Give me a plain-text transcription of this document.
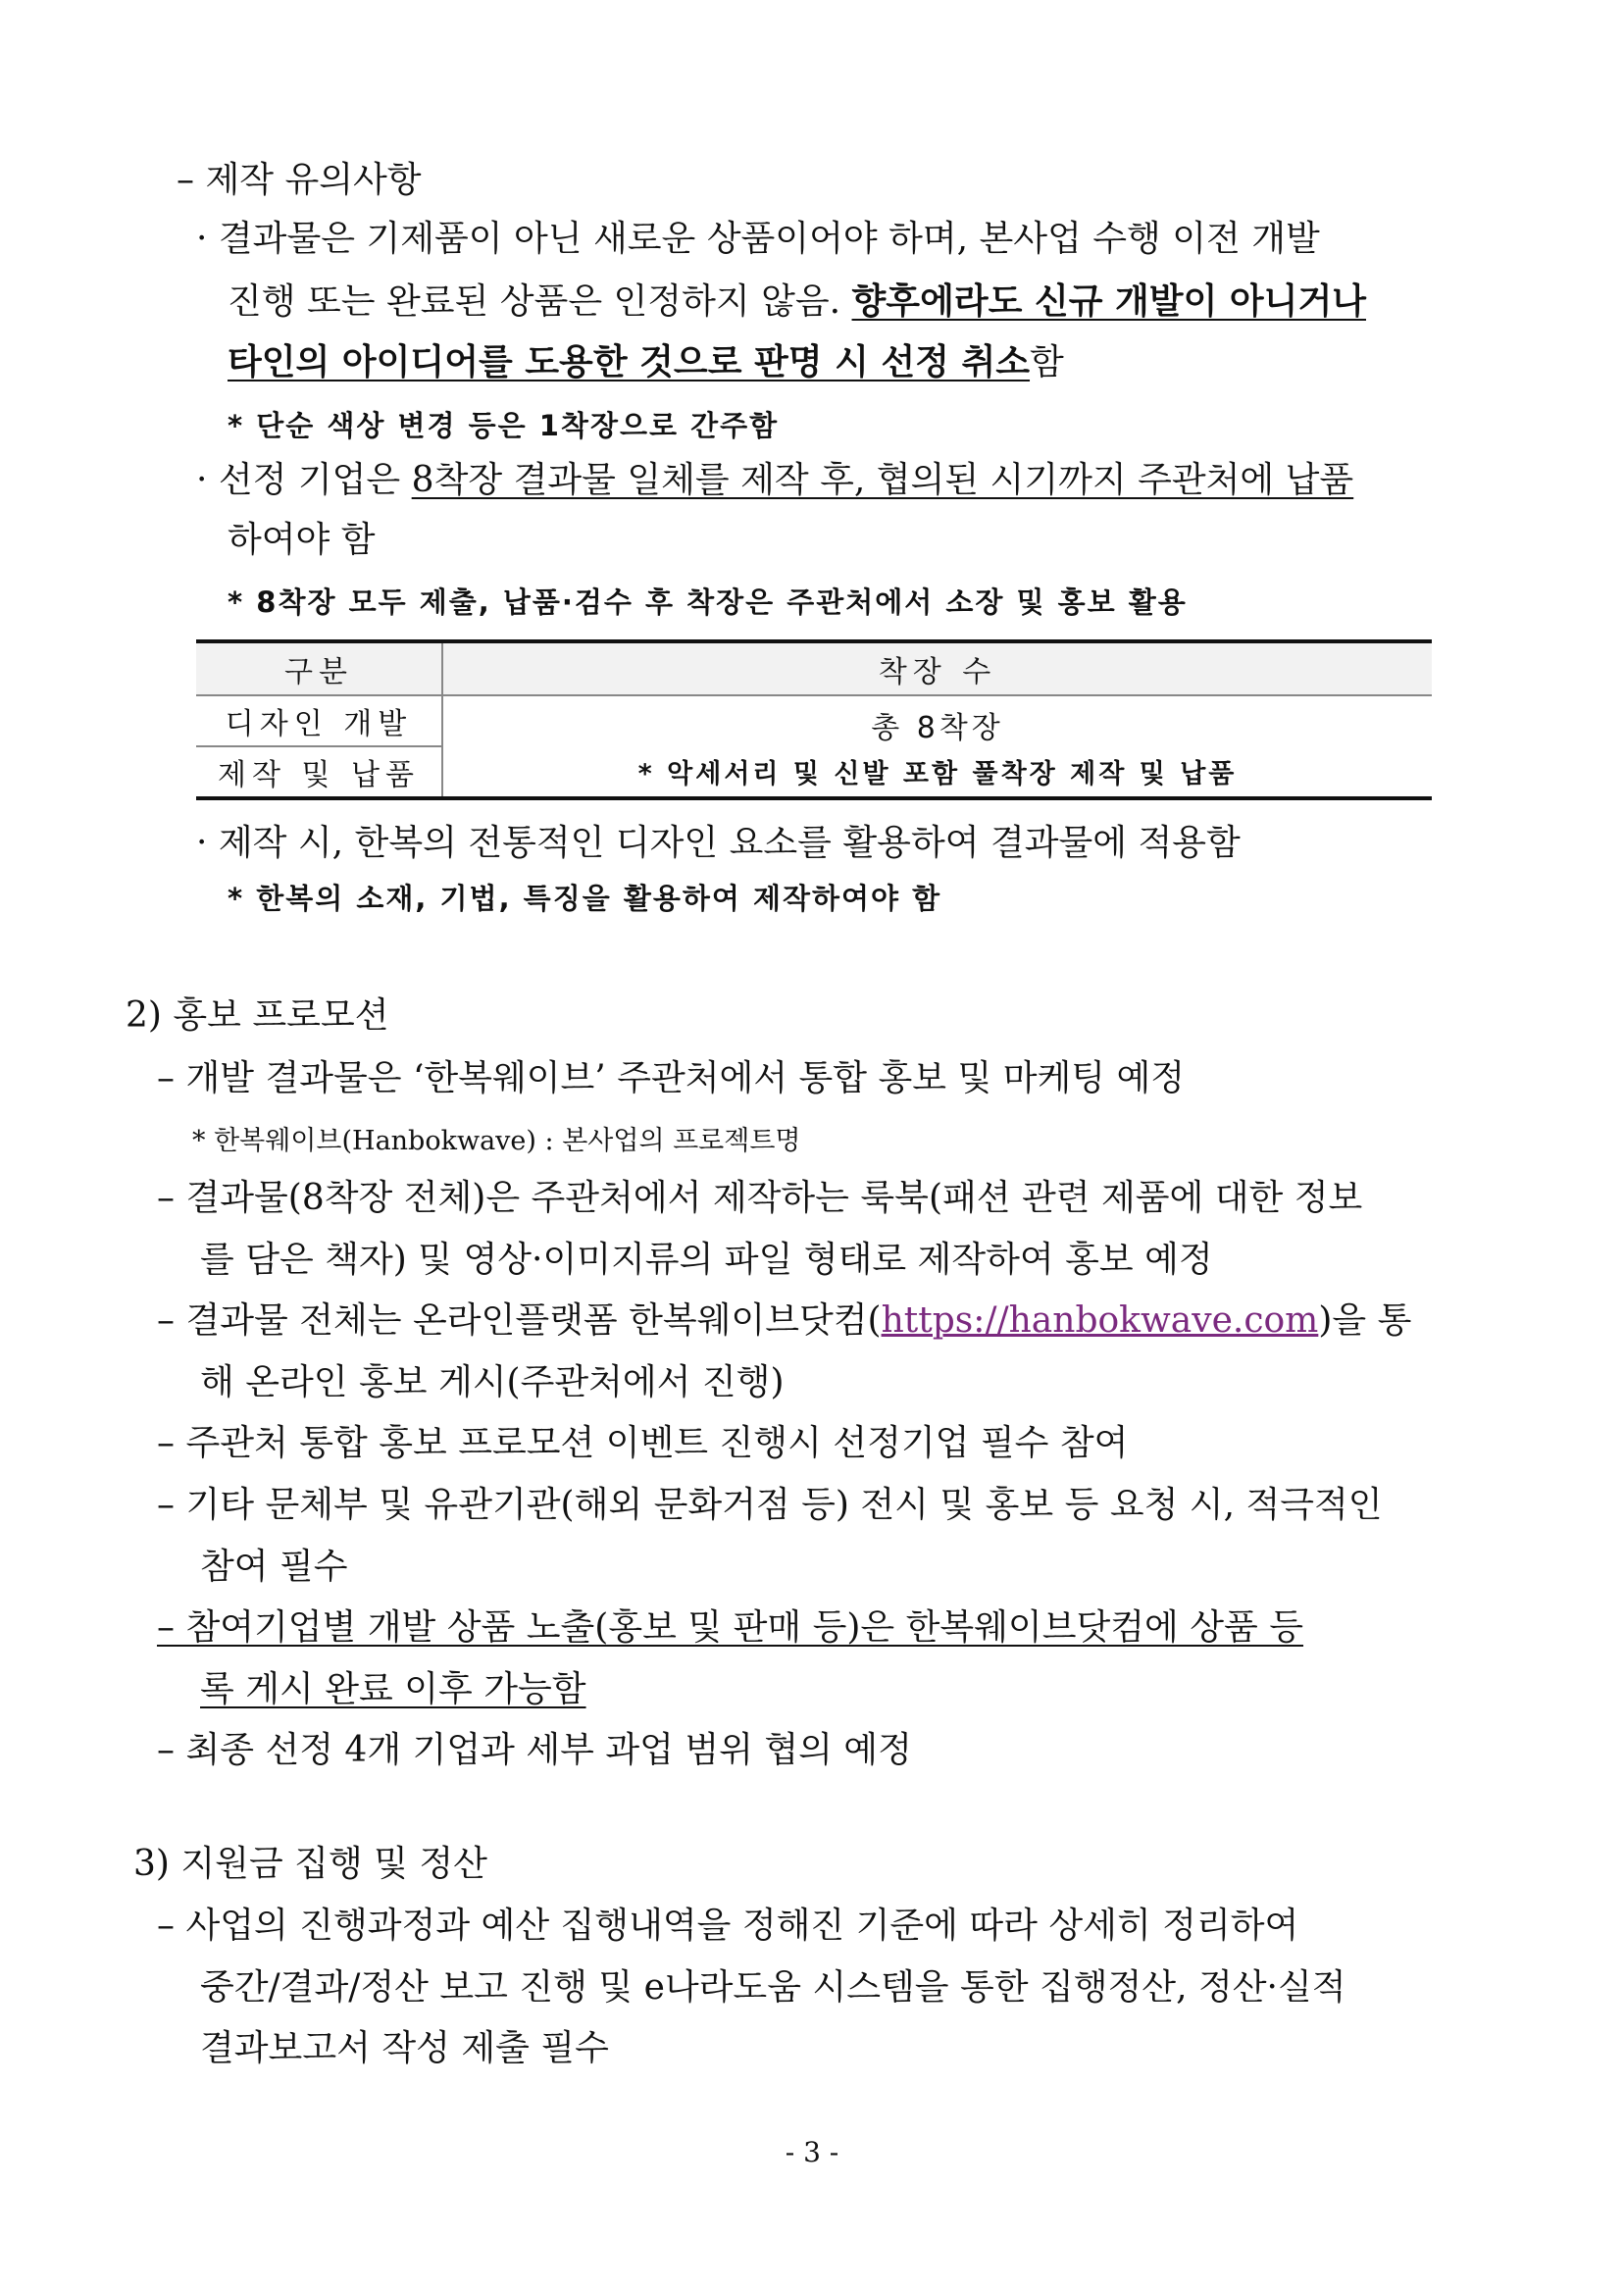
– 제작 유의사항
· 결과물은 기제품이 아닌 새로운 상품이어야 하며, 본사업 수행 이전 개발
진행 또는 완료된 상품은 인정하지 않음. 향후에라도 신규 개발이 아니거나
타인의 아이디어를 도용한 것으로 판명 시 선정 취소함
* 단순 색상 변경 등은 1착장으로 간주함
· 선정 기업은 8착장 결과물 일체를 제작 후, 협의된 시기까지 주관처에 납품
하여야 함
* 8착장 모두 제출, 납품·검수 후 착장은 주관처에서 소장 및 홍보 활용
구분	착장 수
디자인 개발
제작 및 납품
총 8착장
* 악세서리 및 신발 포함 풀착장 제작 및 납품
· 제작 시, 한복의 전통적인 디자인 요소를 활용하여 결과물에 적용함
* 한복의 소재, 기법, 특징을 활용하여 제작하여야 함
2) 홍보 프로모션
– 개발 결과물은 ‘한복웨이브’ 주관처에서 통합 홍보 및 마케팅 예정
* 한복웨이브(Hanbokwave) : 본사업의 프로젝트명
– 결과물(8착장 전체)은 주관처에서 제작하는 룩북(패션 관련 제품에 대한 정보
를 담은 책자) 및 영상·이미지류의 파일 형태로 제작하여 홍보 예정
– 결과물 전체는 온라인플랫폼 한복웨이브닷컴(https://hanbokwave.com)을 통
해 온라인 홍보 게시(주관처에서 진행)
– 주관처 통합 홍보 프로모션 이벤트 진행시 선정기업 필수 참여
– 기타 문체부 및 유관기관(해외 문화거점 등) 전시 및 홍보 등 요청 시, 적극적인
참여 필수
– 참여기업별 개발 상품 노출(홍보 및 판매 등)은 한복웨이브닷컴에 상품 등
록 게시 완료 이후 가능함
– 최종 선정 4개 기업과 세부 과업 범위 협의 예정
3) 지원금 집행 및 정산
– 사업의 진행과정과 예산 집행내역을 정해진 기준에 따라 상세히 정리하여
중간/결과/정산 보고 진행 및 e나라도움 시스템을 통한 집행정산, 정산·실적
결과보고서 작성 제출 필수
- 3 -
